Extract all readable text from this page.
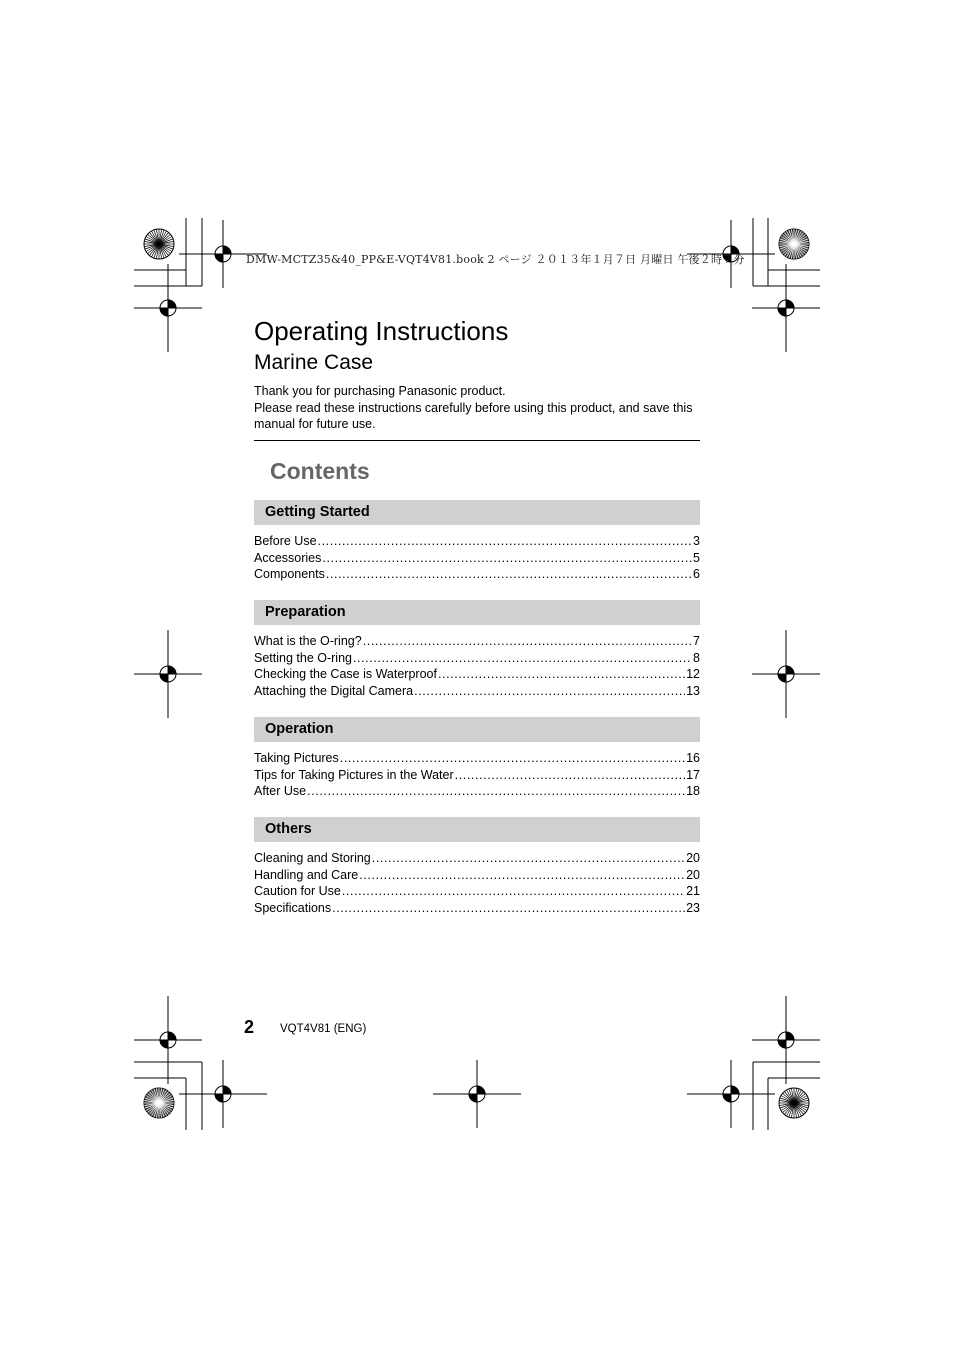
DMW-MCTZ35&40_PP&E-VQT4V81.book 2 ページ ２０１３年１月７日 月曜日 午後２時７分
Operating Instructions
Marine Case

Thank you for purchasing Panasonic product.

Please read these instructions carefully before using this product, and save this manual for future use.

Contents
Getting Started
Before Use .....	3
Accessories .....	5
Components .....	6
Preparation
What is the O-ring? .....	7
Setting the O-ring .....	8
Checking the Case is Waterproof .....	12
Attaching the Digital Camera .....	13
Operation
Taking Pictures .....	16
Tips for Taking Pictures in the Water .....	17
After Use .....	18
Others
Cleaning and Storing .....	20
Handling and Care .....	20
Caution for Use .....	21
Specifications .....	23
2 VQT4V81 (ENG)
